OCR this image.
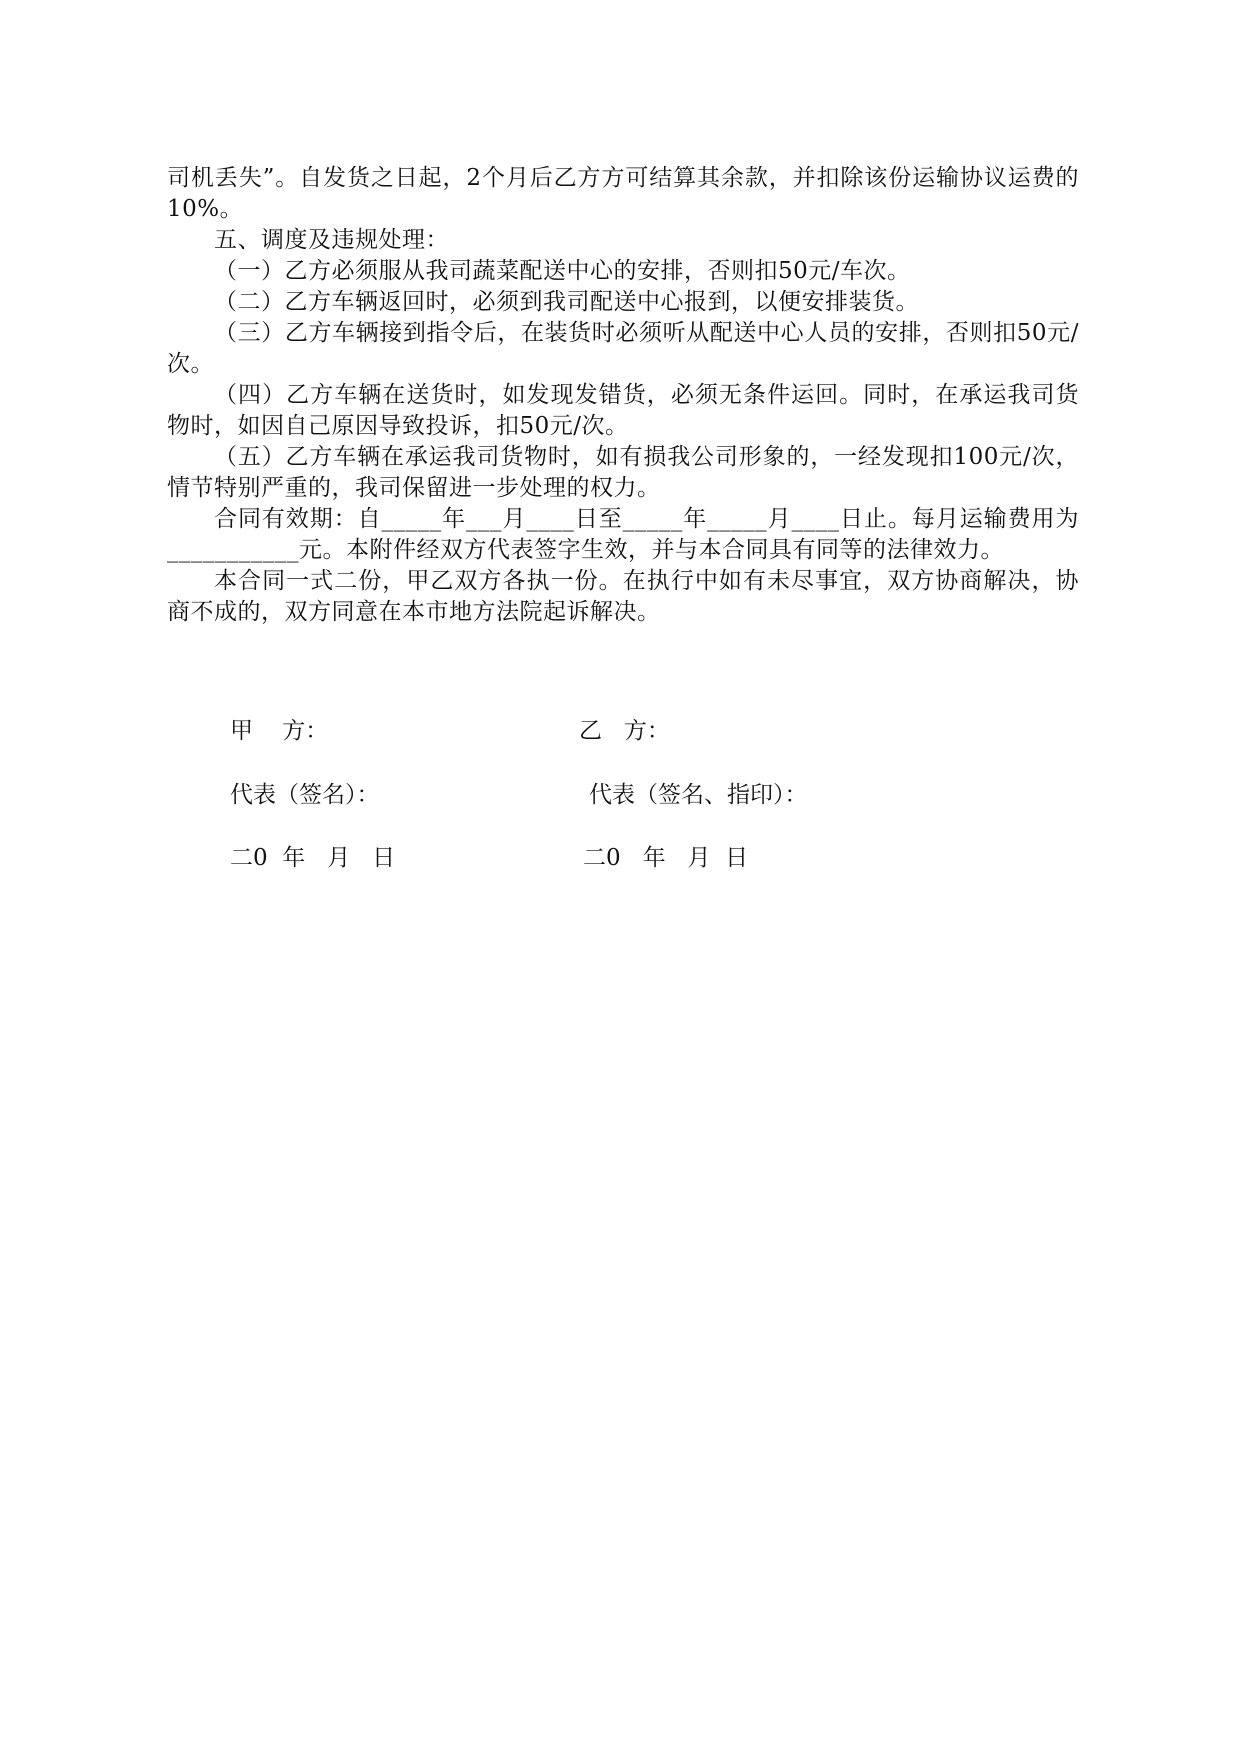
司机丢失”。自发货之日起，2个月后乙方方可结算其余款，并扣除该份运输协议运费的10%。

五、调度及违规处理：

（一）乙方必须服从我司蔬菜配送中心的安排，否则扣50元/车次。

（二）乙方车辆返回时，必须到我司配送中心报到，以便安排装货。

（三）乙方车辆接到指令后，在装货时必须听从配送中心人员的安排，否则扣50元/次。

（四）乙方车辆在送货时，如发现发错货，必须无条件运回。同时，在承运我司货物时，如因自己原因导致投诉，扣50元/次。

（五）乙方车辆在承运我司货物时，如有损我公司形象的，一经发现扣100元/次，情节特别严重的，我司保留进一步处理的权力。

合同有效期：自_____年___月____日至_____年_____月____日止。每月运输费用为___________元。本附件经双方代表签字生效，并与本合同具有同等的法律效力。

本合同一式二份，甲乙双方各执一份。在执行中如有未尽事宜，双方协商解决，协商不成的，双方同意在本市地方法院起诉解决。

甲    方：	乙   方：
代表（签名）：	代表（签名、指印）：
二0  年   月   日	二0   年   月  日
